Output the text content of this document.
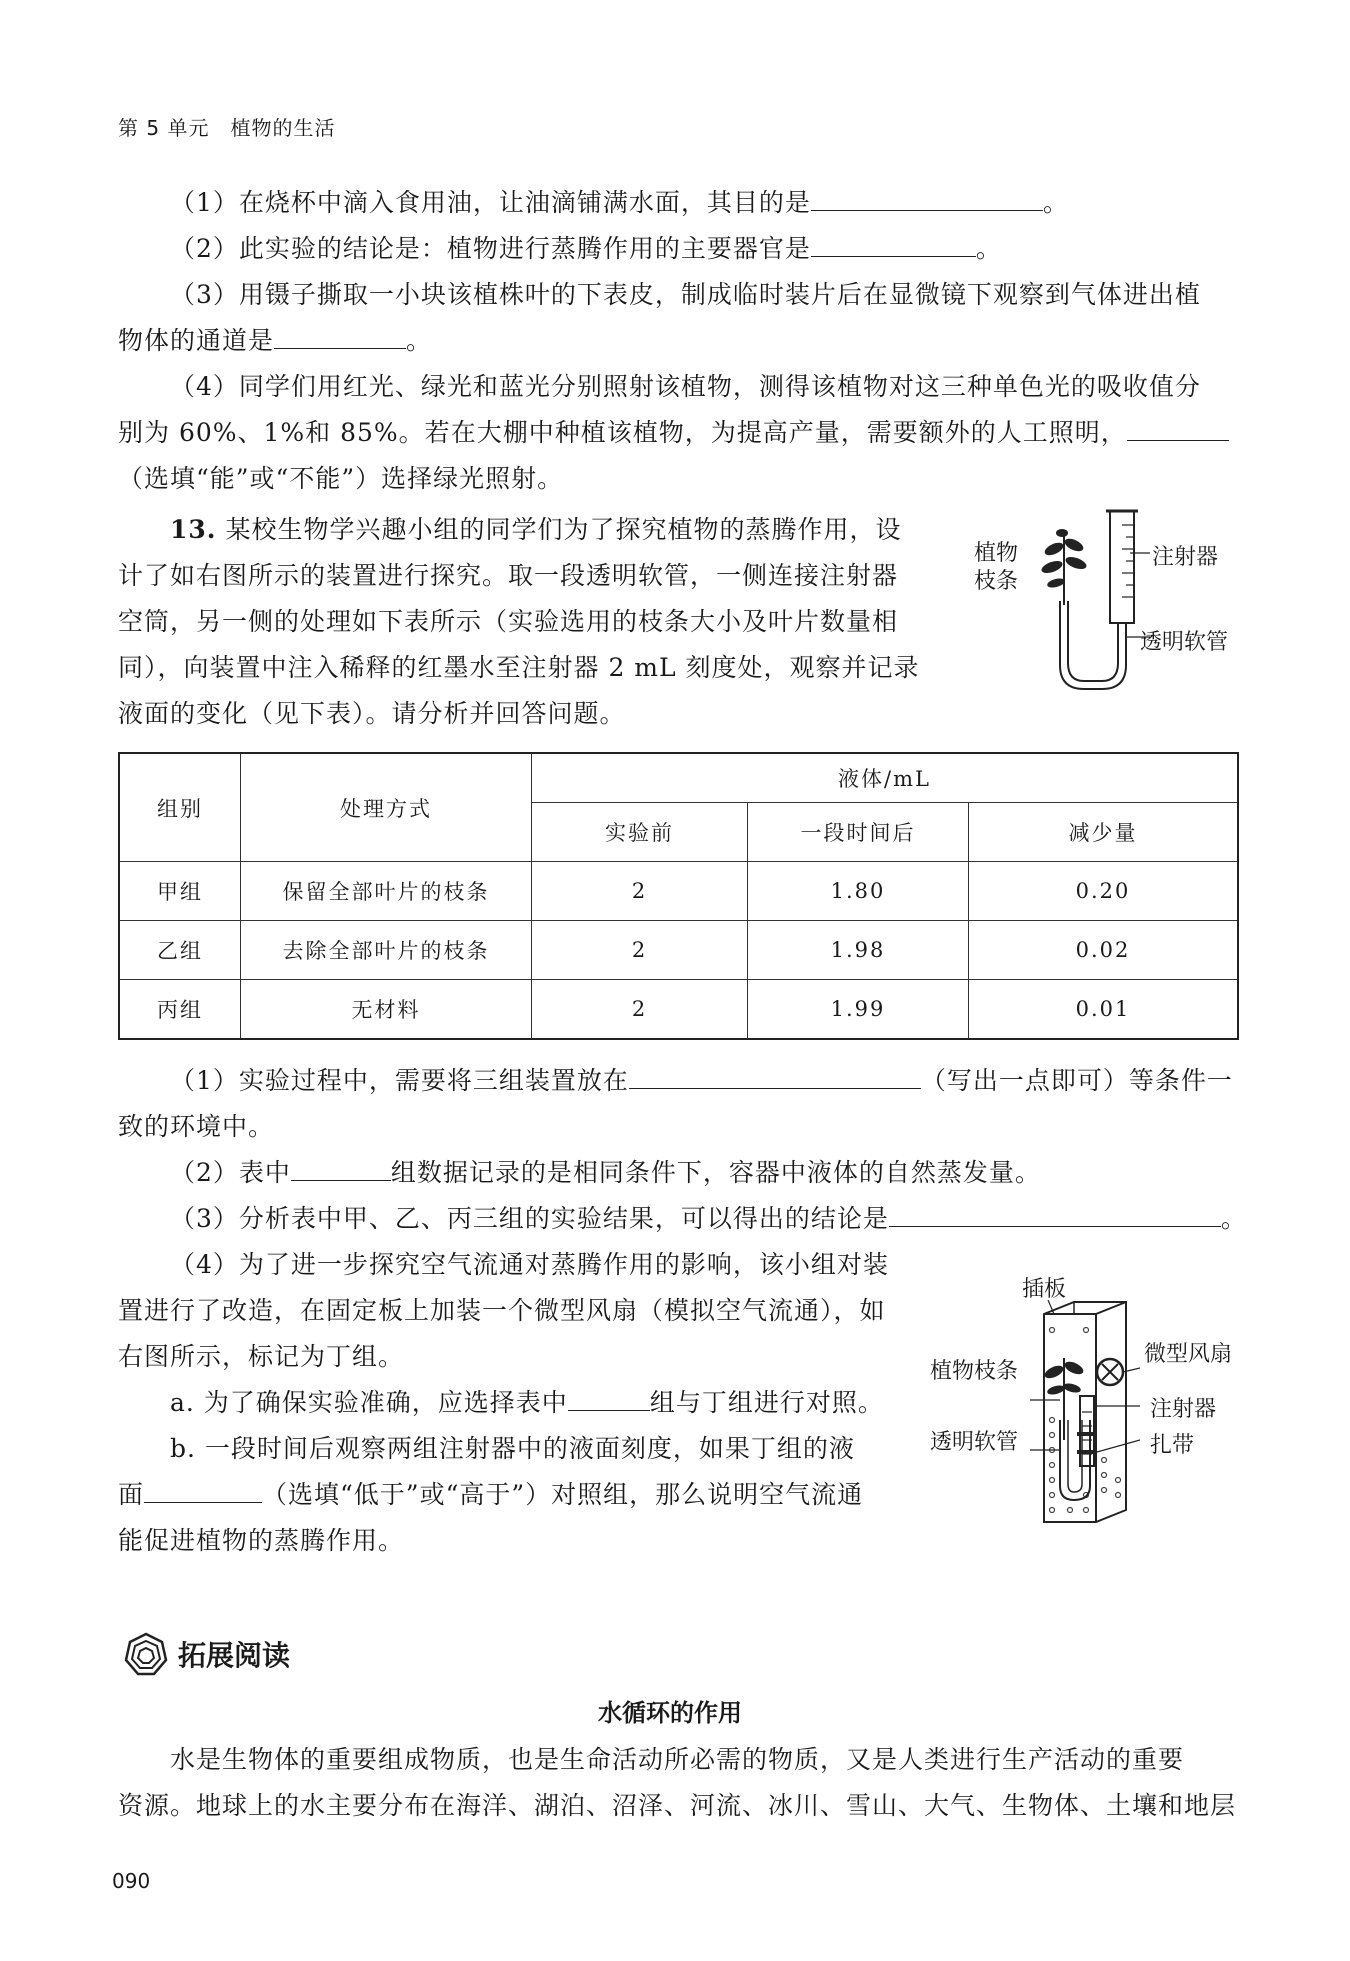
第 5 单元　植物的生活
（1）在烧杯中滴入食用油，让油滴铺满水面，其目的是	。
（2）此实验的结论是：植物进行蒸腾作用的主要器官是	。
（3）用镊子撕取一小块该植株叶的下表皮，制成临时装片后在显微镜下观察到气体进出植
物体的通道是	。
（4）同学们用红光、绿光和蓝光分别照射该植物，测得该植物对这三种单色光的吸收值分
别为 60%、1%和 85%。若在大棚中种植该植物，为提高产量，需要额外的人工照明，
（选填“能”或“不能”）选择绿光照射。
13. 某校生物学兴趣小组的同学们为了探究植物的蒸腾作用，设
计了如右图所示的装置进行探究。取一段透明软管，一侧连接注射器
空筒，另一侧的处理如下表所示（实验选用的枝条大小及叶片数量相
同），向装置中注入稀释的红墨水至注射器 2 mL 刻度处，观察并记录
液面的变化（见下表）。请分析并回答问题。
植物
枝条
注射器
透明软管
组别	处理方式	液体/mL		
		实验前	一段时间后	减少量
甲组	保留全部叶片的枝条	2	1.80	0.20
乙组	去除全部叶片的枝条	2	1.98	0.02
丙组	无材料	2	1.99	0.01
（1）实验过程中，需要将三组装置放在	（写出一点即可）等条件一
致的环境中。
（2）表中	组数据记录的是相同条件下，容器中液体的自然蒸发量。
（3）分析表中甲、乙、丙三组的实验结果，可以得出的结论是	。
（4）为了进一步探究空气流通对蒸腾作用的影响，该小组对装
置进行了改造，在固定板上加装一个微型风扇（模拟空气流通），如
右图所示，标记为丁组。
a. 为了确保实验准确，应选择表中	组与丁组进行对照。
b. 一段时间后观察两组注射器中的液面刻度，如果丁组的液
面	（选填“低于”或“高于”）对照组，那么说明空气流通
能促进植物的蒸腾作用。
插板
植物枝条
微型风扇
注射器
透明软管	扎带
拓展阅读
水循环的作用
水是生物体的重要组成物质，也是生命活动所必需的物质，又是人类进行生产活动的重要
资源。地球上的水主要分布在海洋、湖泊、沼泽、河流、冰川、雪山、大气、生物体、土壤和地层
090
